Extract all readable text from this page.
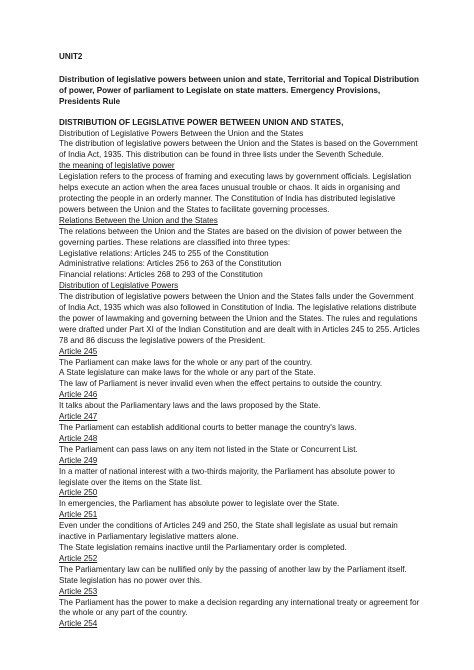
UNIT2

Distribution of legislative powers between union and state, Territorial and Topical Distribution of power, Power of parliament to Legislate on state matters. Emergency Provisions, Presidents Rule

DISTRIBUTION OF LEGISLATIVE POWER BETWEEN UNION AND STATES,

Distribution of Legislative Powers Between the Union and the States

The distribution of legislative powers between the Union and the States is based on the Government of India Act, 1935. This distribution can be found in three lists under the Seventh Schedule.

the meaning of legislative power

Legislation refers to the process of framing and executing laws by government officials. Legislation helps execute an action when the area faces unusual trouble or chaos. It aids in organising and protecting the people in an orderly manner. The Constitution of India has distributed legislative powers between the Union and the States to facilitate governing processes.

Relations Between the Union and the States

The relations between the Union and the States are based on the division of power between the governing parties. These relations are classified into three types:

Legislative relations: Articles 245 to 255 of the Constitution

Administrative relations: Articles 256 to 263 of the Constitution

Financial relations: Articles 268 to 293 of the Constitution

Distribution of Legislative Powers

The distribution of legislative powers between the Union and the States falls under the Government of India Act, 1935 which was also followed in Constitution of India. The legislative relations distribute the power of lawmaking and governing between the Union and the States. The rules and regulations were drafted under Part XI of the Indian Constitution and are dealt with in Articles 245 to 255. Articles 78 and 86 discuss the legislative powers of the President.

Article 245

The Parliament can make laws for the whole or any part of the country.

A State legislature can make laws for the whole or any part of the State.

The law of Parliament is never invalid even when the effect pertains to outside the country.

Article 246

It talks about the Parliamentary laws and the laws proposed by the State.

Article 247

The Parliament can establish additional courts to better manage the country's laws.

Article 248

The Parliament can pass laws on any item not listed in the State or Concurrent List.

Article 249

In a matter of national interest with a two-thirds majority, the Parliament has absolute power to legislate over the items on the State list.

Article 250

In emergencies, the Parliament has absolute power to legislate over the State.

Article 251

Even under the conditions of Articles 249 and 250, the State shall legislate as usual but remain inactive in Parliamentary legislative matters alone.

The State legislation remains inactive until the Parliamentary order is completed.

Article 252

The Parliamentary law can be nullified only by the passing of another law by the Parliament itself. State legislation has no power over this.

Article 253

The Parliament has the power to make a decision regarding any international treaty or agreement for the whole or any part of the country.

Article 254
